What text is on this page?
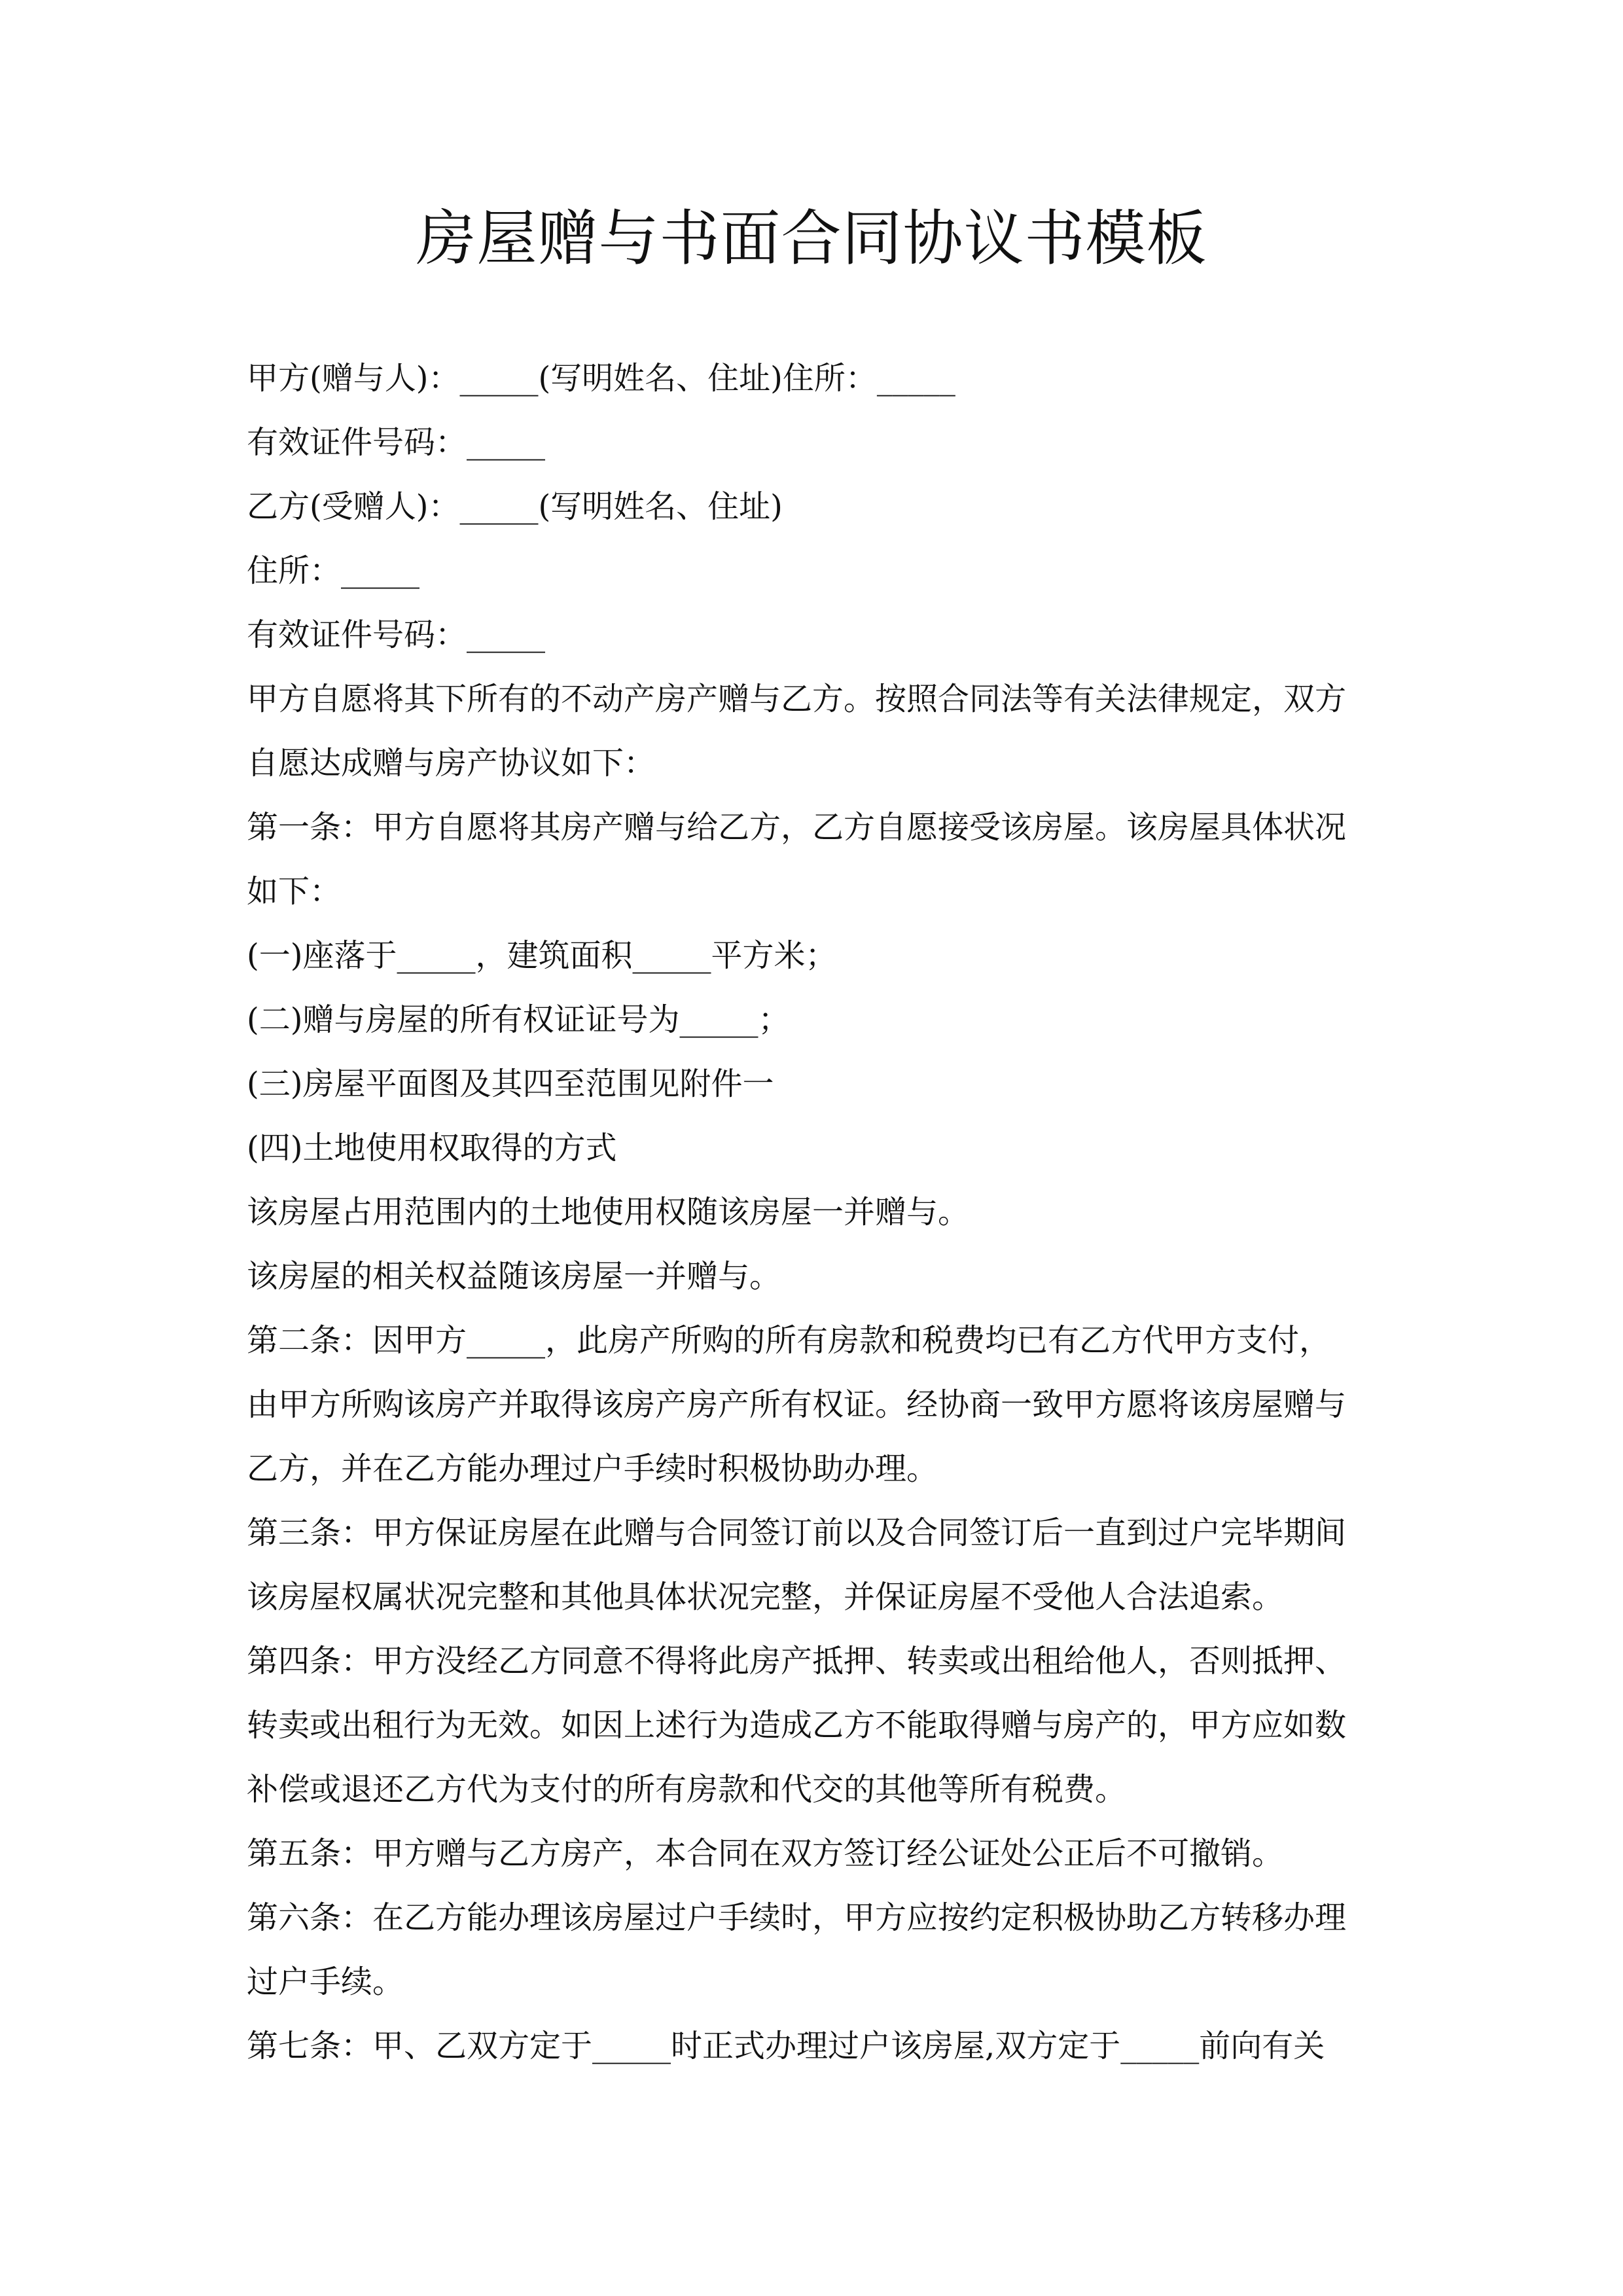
房屋赠与书面合同协议书模板
甲方(赠与人)：_____(写明姓名、住址)住所：_____
有效证件号码：_____
乙方(受赠人)：_____(写明姓名、住址)
住所：_____
有效证件号码：_____
甲方自愿将其下所有的不动产房产赠与乙方。按照合同法等有关法律规定，双方
自愿达成赠与房产协议如下：
第一条：甲方自愿将其房产赠与给乙方，乙方自愿接受该房屋。该房屋具体状况
如下：
(一)座落于_____，建筑面积_____平方米；
(二)赠与房屋的所有权证证号为_____；
(三)房屋平面图及其四至范围见附件一
(四)土地使用权取得的方式
该房屋占用范围内的土地使用权随该房屋一并赠与。
该房屋的相关权益随该房屋一并赠与。
第二条：因甲方_____，此房产所购的所有房款和税费均已有乙方代甲方支付，
由甲方所购该房产并取得该房产房产所有权证。经协商一致甲方愿将该房屋赠与
乙方，并在乙方能办理过户手续时积极协助办理。
第三条：甲方保证房屋在此赠与合同签订前以及合同签订后一直到过户完毕期间
该房屋权属状况完整和其他具体状况完整，并保证房屋不受他人合法追索。
第四条：甲方没经乙方同意不得将此房产抵押、转卖或出租给他人，否则抵押、
转卖或出租行为无效。如因上述行为造成乙方不能取得赠与房产的，甲方应如数
补偿或退还乙方代为支付的所有房款和代交的其他等所有税费。
第五条：甲方赠与乙方房产，本合同在双方签订经公证处公正后不可撤销。
第六条：在乙方能办理该房屋过户手续时，甲方应按约定积极协助乙方转移办理
过户手续。
第七条：甲、乙双方定于_____时正式办理过户该房屋,双方定于_____前向有关
